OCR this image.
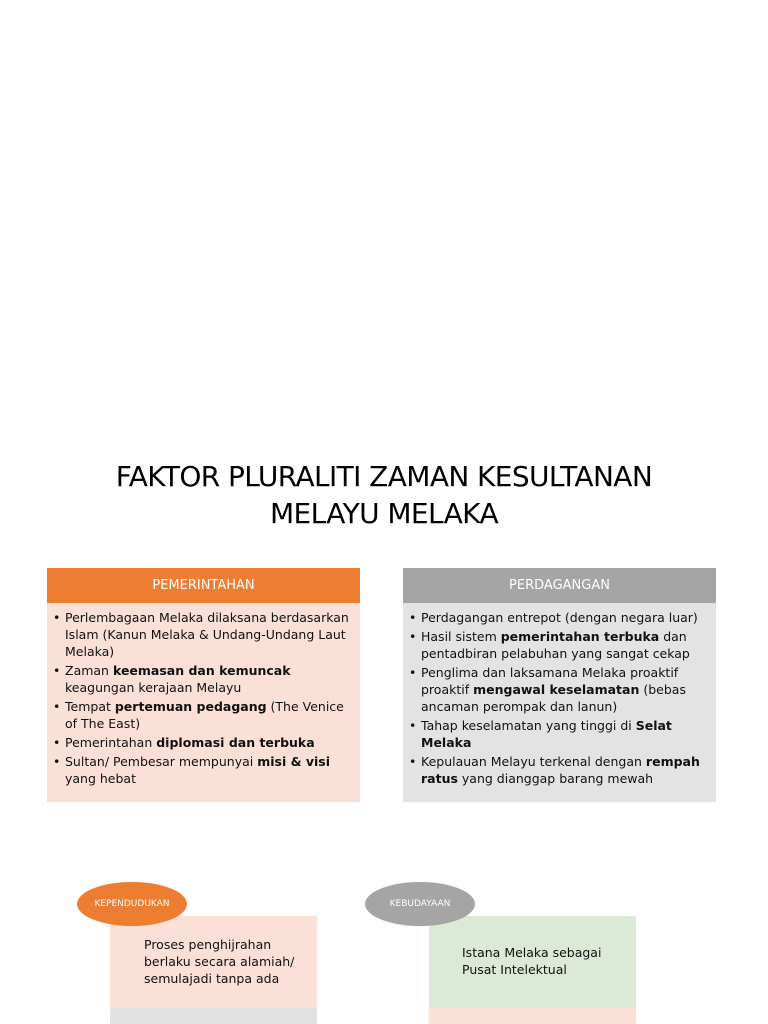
FAKTOR PLURALITI ZAMAN KESULTANAN
MELAYU MELAKA
PEMERINTAHAN
• Perlembagaan Melaka dilaksana berdasarkan Islam (Kanun Melaka & Undang-Undang Laut Melaka)
• Zaman keemasan dan kemuncak keagungan kerajaan Melayu
• Tempat pertemuan pedagang (The Venice of The East)
• Pemerintahan diplomasi dan terbuka
• Sultan/ Pembesar mempunyai misi & visi yang hebat
PERDAGANGAN
• Perdagangan entrepot (dengan negara luar)
• Hasil sistem pemerintahan terbuka dan pentadbiran pelabuhan yang sangat cekap
• Penglima dan laksamana Melaka proaktif proaktif mengawal keselamatan (bebas ancaman perompak dan lanun)
• Tahap keselamatan yang tinggi di Selat Melaka
• Kepulauan Melayu terkenal dengan rempah ratus yang dianggap barang mewah
Proses penghijrahan berlaku secara alamiah/ semulajadi tanpa ada
KEPENDUDUKAN
Istana Melaka sebagai Pusat Intelektual
KEBUDAYAAN
